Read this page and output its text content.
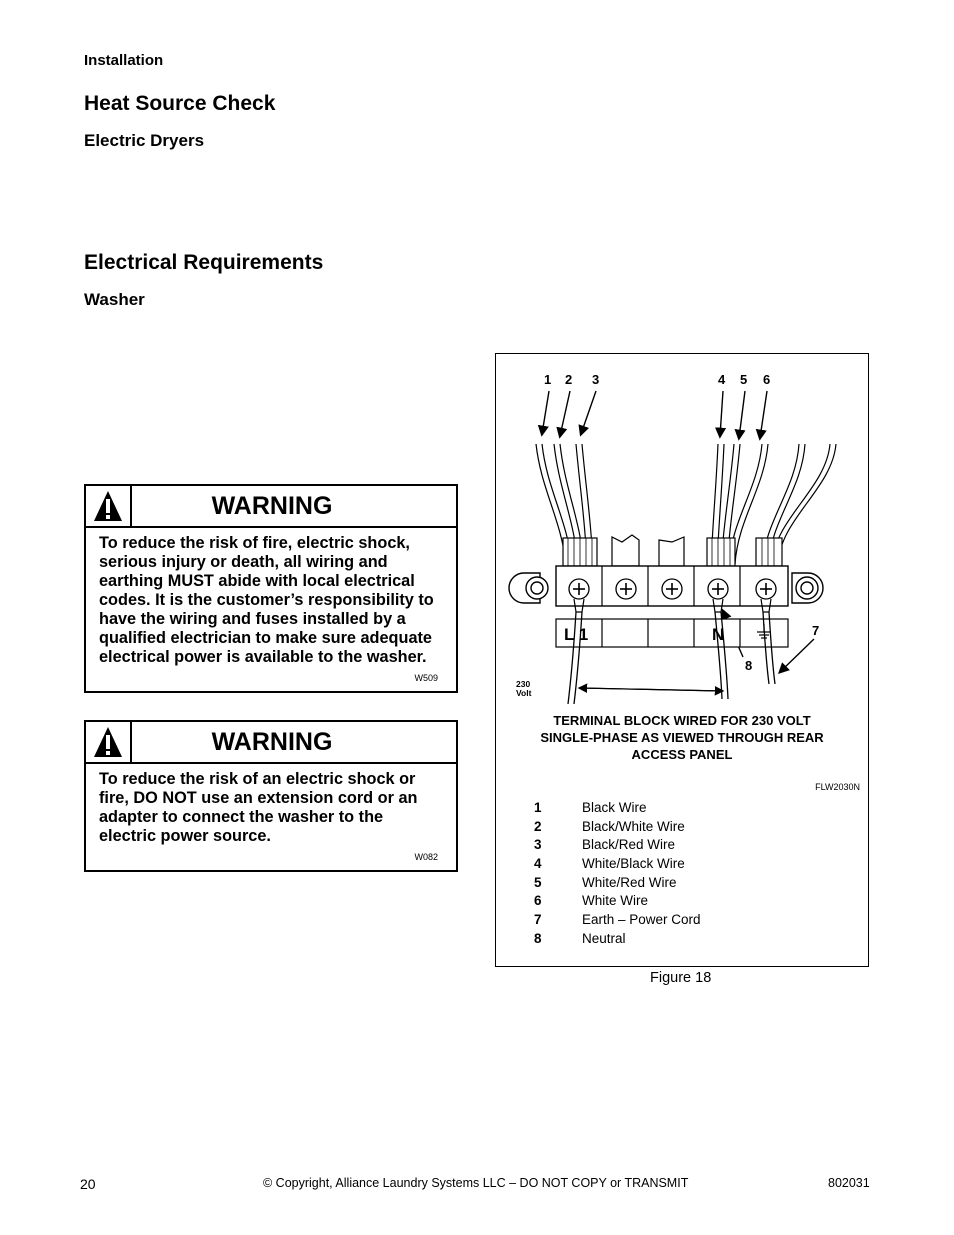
Installation
Heat Source Check
Electric Dryers
Electrical Requirements
Washer
WARNING
To reduce the risk of fire, electric shock, serious injury or death, all wiring and earthing MUST abide with local electrical codes. It is the customer’s responsibility to have the wiring and fuses installed by a qualified electrician to make sure adequate electrical power is available to the washer.
W509
WARNING
To reduce the risk of an electric shock or fire, DO NOT use an extension cord or an adapter to connect the washer to the electric power source.
W082
1 2 3	4 5 6
7
8
L 1	N
230
Volt
TERMINAL BLOCK WIRED FOR 230 VOLT SINGLE-PHASE AS VIEWED THROUGH REAR ACCESS PANEL
FLW2030N
1	Black Wire
2	Black/White Wire
3	Black/Red Wire
4	White/Black Wire
5	White/Red Wire
6	White Wire
7	Earth – Power Cord
8	Neutral
Figure 18
20	© Copyright, Alliance Laundry Systems LLC – DO NOT COPY or TRANSMIT	802031
